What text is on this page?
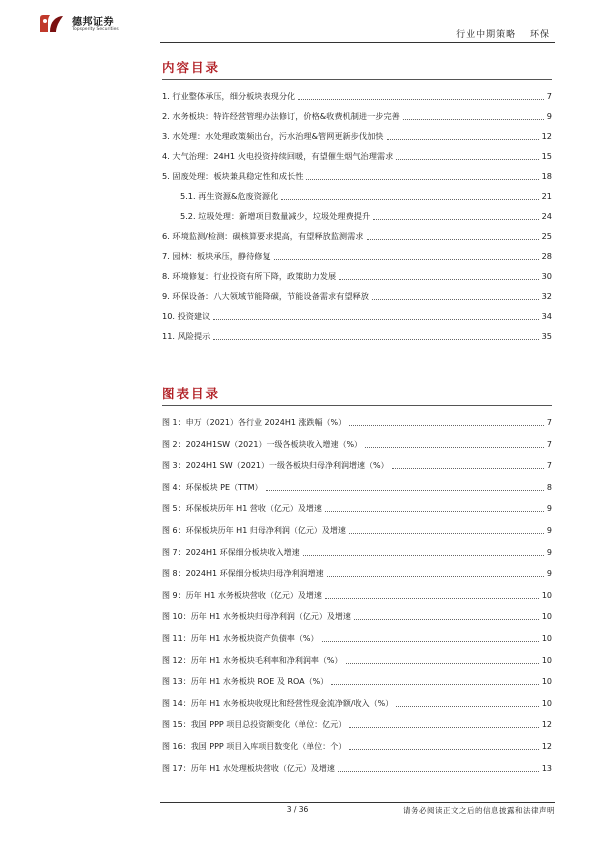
德邦证券
Topsperity Securities
行业中期策略 环保
内容目录
1. 行业整体承压，细分板块表现分化	7
2. 水务板块：特许经营管理办法修订，价格&收费机制进一步完善	9
3. 水处理：水处理政策频出台，污水治理&管网更新步伐加快	12
4. 大气治理：24H1 火电投资持续回暖，有望催生烟气治理需求	15
5. 固废处理：板块兼具稳定性和成长性	18
5.1. 再生资源&危废资源化	21
5.2. 垃圾处理：新增项目数量减少，垃圾处理费提升	24
6. 环境监测/检测：碳核算要求提高，有望释放监测需求	25
7. 园林：板块承压，静待修复	28
8. 环境修复：行业投资有所下降，政策助力发展	30
9. 环保设备：八大领域节能降碳，节能设备需求有望释放	32
10. 投资建议	34
11. 风险提示	35
图表目录
图 1：申万（2021）各行业 2024H1 涨跌幅（%）	7
图 2：2024H1SW（2021）一级各板块收入增速（%）	7
图 3：2024H1 SW（2021）一级各板块归母净利润增速（%）	7
图 4：环保板块 PE（TTM）	8
图 5：环保板块历年 H1 营收（亿元）及增速	9
图 6：环保板块历年 H1 归母净利润（亿元）及增速	9
图 7：2024H1 环保细分板块收入增速	9
图 8：2024H1 环保细分板块归母净利润增速	9
图 9：历年 H1 水务板块营收（亿元）及增速	10
图 10：历年 H1 水务板块归母净利润（亿元）及增速	10
图 11：历年 H1 水务板块资产负债率（%）	10
图 12：历年 H1 水务板块毛利率和净利润率（%）	10
图 13：历年 H1 水务板块 ROE 及 ROA（%）	10
图 14：历年 H1 水务板块收现比和经营性现金流净额/收入（%）	10
图 15：我国 PPP 项目总投资额变化（单位：亿元）	12
图 16：我国 PPP 项目入库项目数变化（单位：个）	12
图 17：历年 H1 水处理板块营收（亿元）及增速	13
3 / 36	请务必阅读正文之后的信息披露和法律声明
